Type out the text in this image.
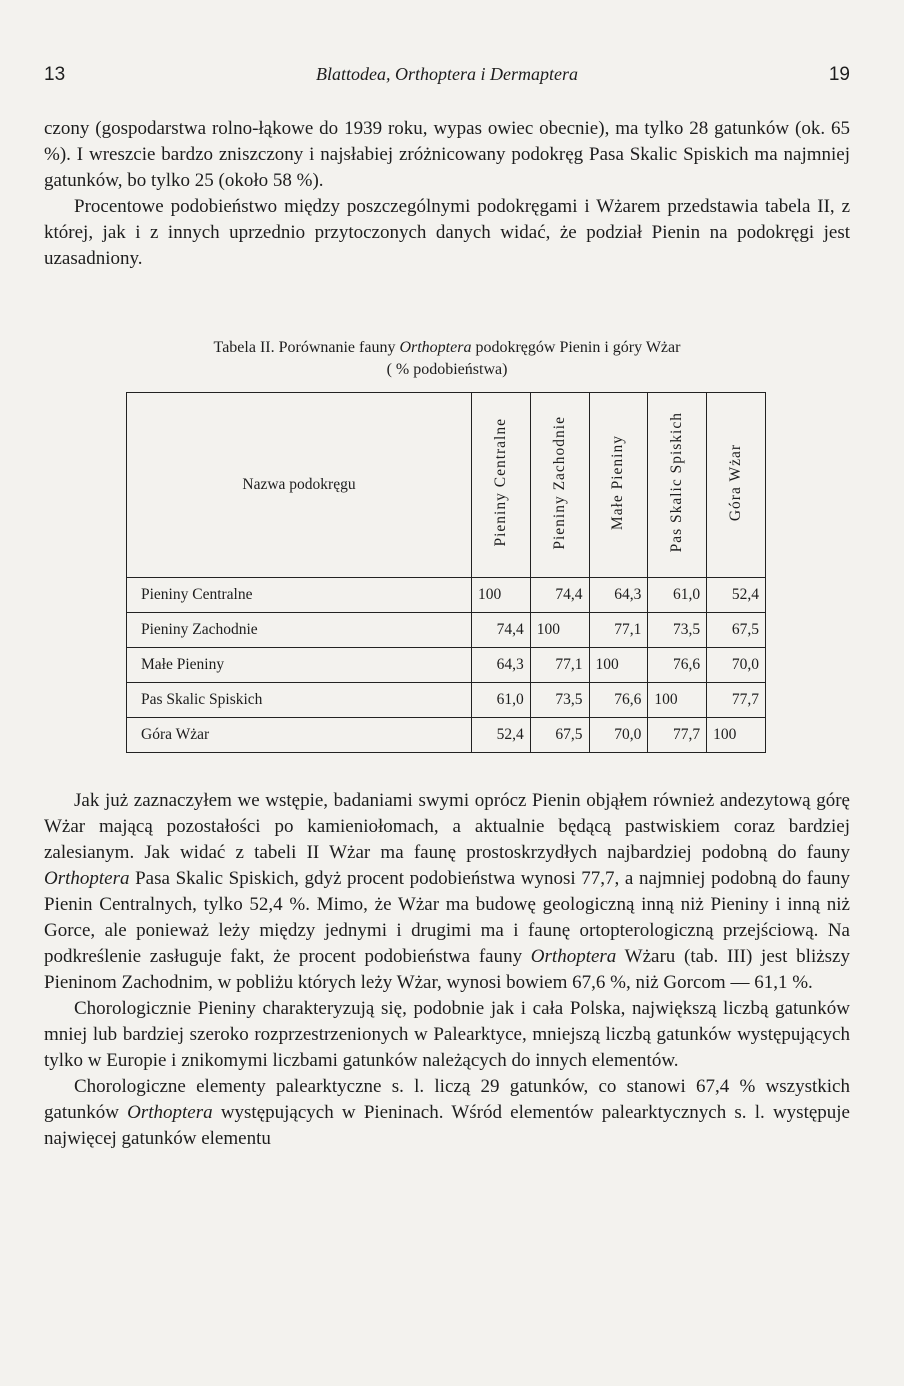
13	Blattodea, Orthoptera i Dermaptera	19

czony (gospodarstwa rolno-łąkowe do 1939 roku, wypas owiec obecnie), ma tylko 28 gatunków (ok. 65 %). I wreszcie bardzo zniszczony i najsłabiej zróżnicowany podokręg Pasa Skalic Spiskich ma najmniej gatunków, bo tylko 25 (około 58 %).

Procentowe podobieństwo między poszczególnymi podokręgami i Wżarem przedstawia tabela II, z której, jak i z innych uprzednio przytoczonych danych widać, że podział Pienin na podokręgi jest uzasadniony.

Tabela II. Porównanie fauny Orthoptera podokręgów Pienin i góry Wżar
( % podobieństwa)
Nazwa podokręgu	Pieniny Centralne	Pieniny Zachodnie	Małe Pieniny	Pas Skalic Spiskich	Góra Wżar
Pieniny Centralne	100	74,4	64,3	61,0	52,4
Pieniny Zachodnie	74,4	100	77,1	73,5	67,5
Małe Pieniny	64,3	77,1	100	76,6	70,0
Pas Skalic Spiskich	61,0	73,5	76,6	100	77,7
Góra Wżar	52,4	67,5	70,0	77,7	100

Jak już zaznaczyłem we wstępie, badaniami swymi oprócz Pienin objąłem również andezytową górę Wżar mającą pozostałości po kamieniołomach, a aktualnie będącą pastwiskiem coraz bardziej zalesianym. Jak widać z tabeli II Wżar ma faunę prostoskrzydłych najbardziej podobną do fauny Orthoptera Pasa Skalic Spiskich, gdyż procent podobieństwa wynosi 77,7, a najmniej podobną do fauny Pienin Centralnych, tylko 52,4 %. Mimo, że Wżar ma budowę geologiczną inną niż Pieniny i inną niż Gorce, ale ponieważ leży między jednymi i drugimi ma i faunę ortopterologiczną przejściową. Na podkreślenie zasługuje fakt, że procent podobieństwa fauny Orthoptera Wżaru (tab. III) jest bliższy Pieninom Zachodnim, w pobliżu których leży Wżar, wynosi bowiem 67,6 %, niż Gorcom — 61,1 %.

Chorologicznie Pieniny charakteryzują się, podobnie jak i cała Polska, największą liczbą gatunków mniej lub bardziej szeroko rozprzestrzenionych w Palearktyce, mniejszą liczbą gatunków występujących tylko w Europie i znikomymi liczbami gatunków należących do innych elementów.

Chorologiczne elementy palearktyczne s. l. liczą 29 gatunków, co stanowi 67,4 % wszystkich gatunków Orthoptera występujących w Pieninach. Wśród elementów palearktycznych s. l. występuje najwięcej gatunków elementu
